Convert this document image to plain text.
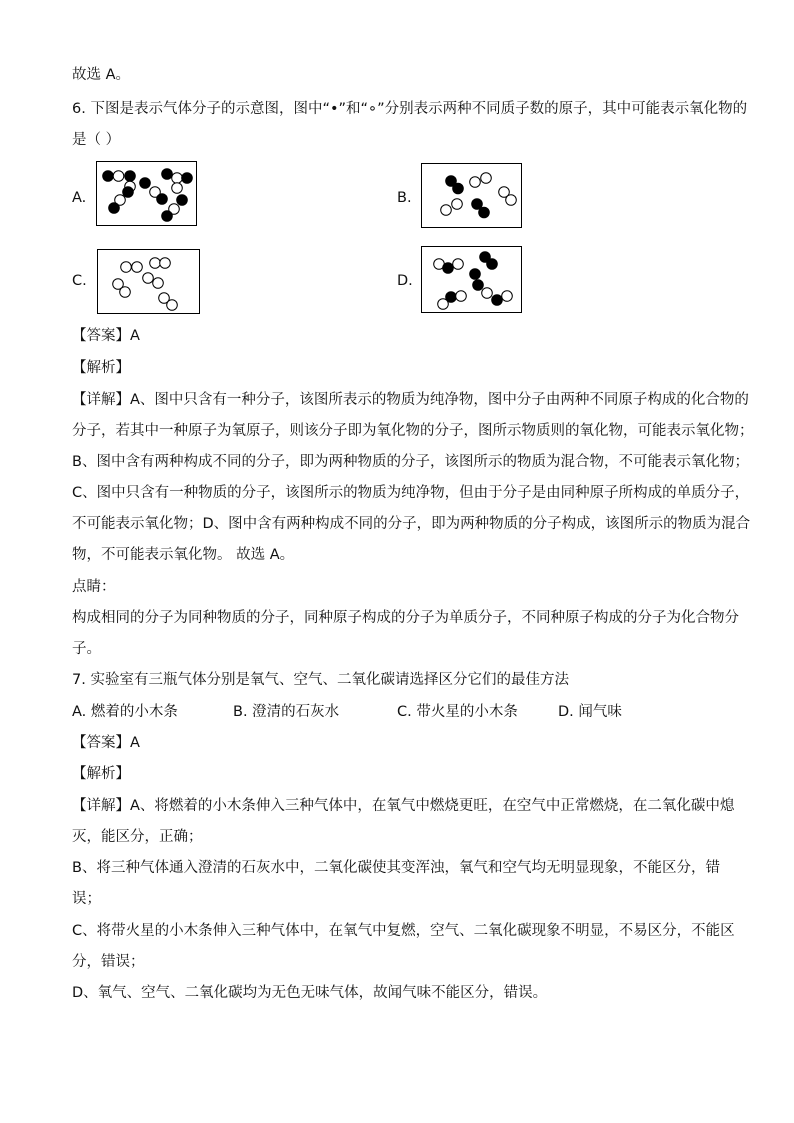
故选 A。
6. 下图是表示气体分子的示意图，图中“•”和“∘”分别表示两种不同质子数的原子，其中可能表示氧化物的
是（ ）
A.	B.
C.	D.
【答案】A
【解析】
【详解】A、图中只含有一种分子，该图所表示的物质为纯净物，图中分子由两种不同原子构成的化合物的
分子，若其中一种原子为氧原子，则该分子即为氧化物的分子，图所示物质则的氧化物，可能表示氧化物；
B、图中含有两种构成不同的分子，即为两种物质的分子，该图所示的物质为混合物，不可能表示氧化物；
C、图中只含有一种物质的分子，该图所示的物质为纯净物，但由于分子是由同种原子所构成的单质分子，
不可能表示氧化物；D、图中含有两种构成不同的分子，即为两种物质的分子构成，该图所示的物质为混合
物，不可能表示氧化物。 故选 A。
点睛：
构成相同的分子为同种物质的分子，同种原子构成的分子为单质分子，不同种原子构成的分子为化合物分
子。
7. 实验室有三瓶气体分别是氧气、空气、二氧化碳请选择区分它们的最佳方法
A. 燃着的小木条	B. 澄清的石灰水	C. 带火星的小木条	D. 闻气味
【答案】A
【解析】
【详解】A、将燃着的小木条伸入三种气体中，在氧气中燃烧更旺，在空气中正常燃烧，在二氧化碳中熄
灭，能区分，正确；
B、将三种气体通入澄清的石灰水中，二氧化碳使其变浑浊，氧气和空气均无明显现象，不能区分，错
误；
C、将带火星的小木条伸入三种气体中，在氧气中复燃，空气、二氧化碳现象不明显，不易区分，不能区
分，错误；
D、氧气、空气、二氧化碳均为无色无味气体，故闻气味不能区分，错误。
